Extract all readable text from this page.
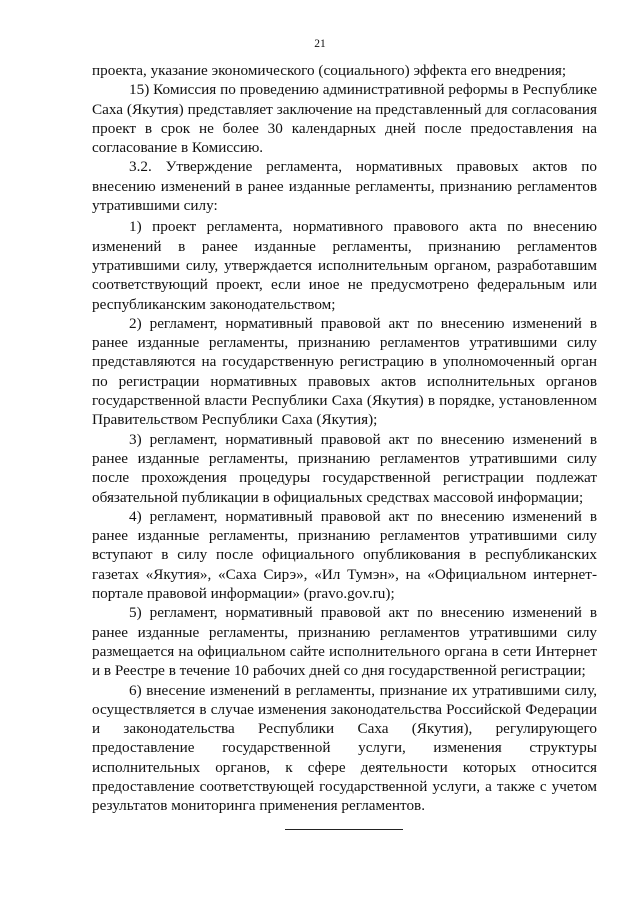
21

проекта, указание экономического (социального) эффекта его внедрения;

15) Комиссия по проведению административной реформы в Республике Саха (Якутия) представляет заключение на представленный для согласования проект в срок не более 30 календарных дней после предоставления на согласование в Комиссию.

3.2. Утверждение регламента, нормативных правовых актов по внесению изменений в ранее изданные регламенты, признанию регламентов утратившими силу:

1) проект регламента, нормативного правового акта по внесению изменений в ранее изданные регламенты, признанию регламентов утратившими силу, утверждается исполнительным органом, разработавшим соответствующий проект, если иное не предусмотрено федеральным или республиканским законодательством;

2) регламент, нормативный правовой акт по внесению изменений в ранее изданные регламенты, признанию регламентов утратившими силу представляются на государственную регистрацию в уполномоченный орган по регистрации нормативных правовых актов исполнительных органов государственной власти Республики Саха (Якутия) в порядке, установленном Правительством Республики Саха (Якутия);

3) регламент, нормативный правовой акт по внесению изменений в ранее изданные регламенты, признанию регламентов утратившими силу после прохождения процедуры государственной регистрации подлежат обязательной публикации в официальных средствах массовой информации;

4) регламент, нормативный правовой акт по внесению изменений в ранее изданные регламенты, признанию регламентов утратившими силу вступают в силу после официального опубликования в республиканских газетах «Якутия», «Саха Сирэ», «Ил Тумэн», на «Официальном интернет-портале правовой информации» (pravo.gov.ru);

5) регламент, нормативный правовой акт по внесению изменений в ранее изданные регламенты, признанию регламентов утратившими силу размещается на официальном сайте исполнительного органа в сети Интернет и в Реестре в течение 10 рабочих дней со дня государственной регистрации;

6) внесение изменений в регламенты, признание их утратившими силу, осуществляется в случае изменения законодательства Российской Федерации и законодательства Республики Саха (Якутия), регулирующего предоставление государственной услуги, изменения структуры исполнительных органов, к сфере деятельности которых относится предоставление соответствующей государственной услуги, а также с учетом результатов мониторинга применения регламентов.
